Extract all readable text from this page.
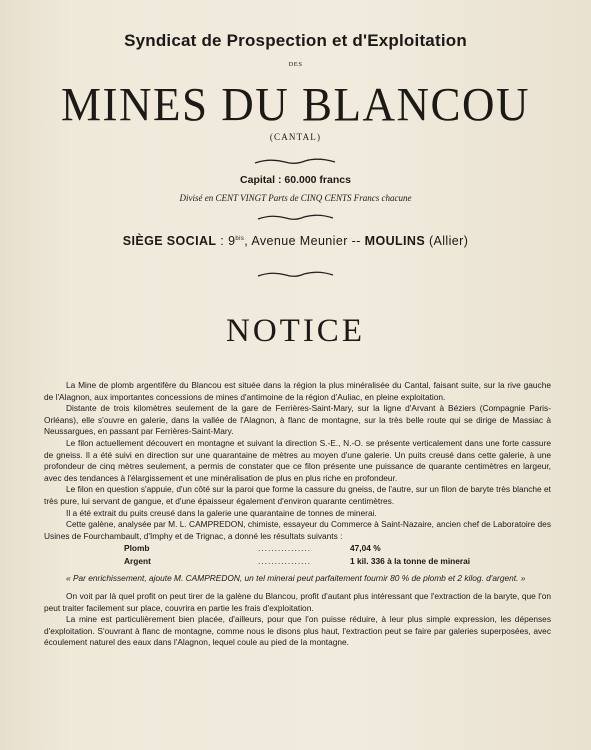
Syndicat de Prospection et d'Exploitation
DES
MINES DU BLANCOU
(CANTAL)
Capital : 60.000 francs
Divisé en CENT VINGT Parts de CINQ CENTS Francs chacune
SIÈGE SOCIAL : $9^{bis}$, Avenue Meunier -- MOULINS (Allier)
NOTICE

La Mine de plomb argentifère du Blancou est située dans la région la plus minéralisée du Cantal, faisant suite, sur la rive gauche de l'Alagnon, aux importantes concessions de mines d'antimoine de la région d'Auliac, en pleine exploitation.

Distante de trois kilomètres seulement de la gare de Ferrières-Saint-Mary, sur la ligne d'Arvant à Béziers (Compagnie Paris-Orléans), elle s'ouvre en galerie, dans la vallée de l'Alagnon, à flanc de montagne, sur la très belle route qui se dirige de Massiac à Neussargues, en passant par Ferrières-Saint-Mary.

Le filon actuellement découvert en montagne et suivant la direction S.-E., N.-O. se présente verticalement dans une forte cassure de gneiss. Il a été suivi en direction sur une quarantaine de mètres au moyen d'une galerie. Un puits creusé dans cette galerie, à une profondeur de cinq mètres seulement, a permis de constater que ce filon présente une puissance de quarante centimètres en largeur, avec des tendances à l'élargissement et une minéralisation de plus en plus riche en profondeur.

Le filon en question s'appuie, d'un côté sur la paroi que forme la cassure du gneiss, de l'autre, sur un filon de baryte très blanche et très pure, lui servant de gangue, et d'une épaisseur également d'environ quarante centimètres.

Il a été extrait du puits creusé dans la galerie une quarantaine de tonnes de minerai.

Cette galène, analysée par M. L. CAMPREDON, chimiste, essayeur du Commerce à Saint-Nazaire, ancien chef de Laboratoire des Usines de Fourchambault, d'Imphy et de Trignac, a donné les résultats suivants :

Plomb	................	47,04 %
Argent	................	1 kil. 336 à la tonne de minerai

« Par enrichissement, ajoute M. CAMPREDON, un tel minerai peut parfaitement fournir 80 % de plomb et 2 kilog. d'argent. »

On voit par là quel profit on peut tirer de la galène du Blancou, profit d'autant plus intéressant que l'extraction de la baryte, que l'on peut traiter facilement sur place, couvrira en partie les frais d'exploitation.

La mine est particulièrement bien placée, d'ailleurs, pour que l'on puisse réduire, à leur plus simple expression, les dépenses d'exploitation. S'ouvrant à flanc de montagne, comme nous le disons plus haut, l'extraction peut se faire par galeries superposées, avec écoulement naturel des eaux dans l'Alagnon, lequel coule au pied de la montagne.
